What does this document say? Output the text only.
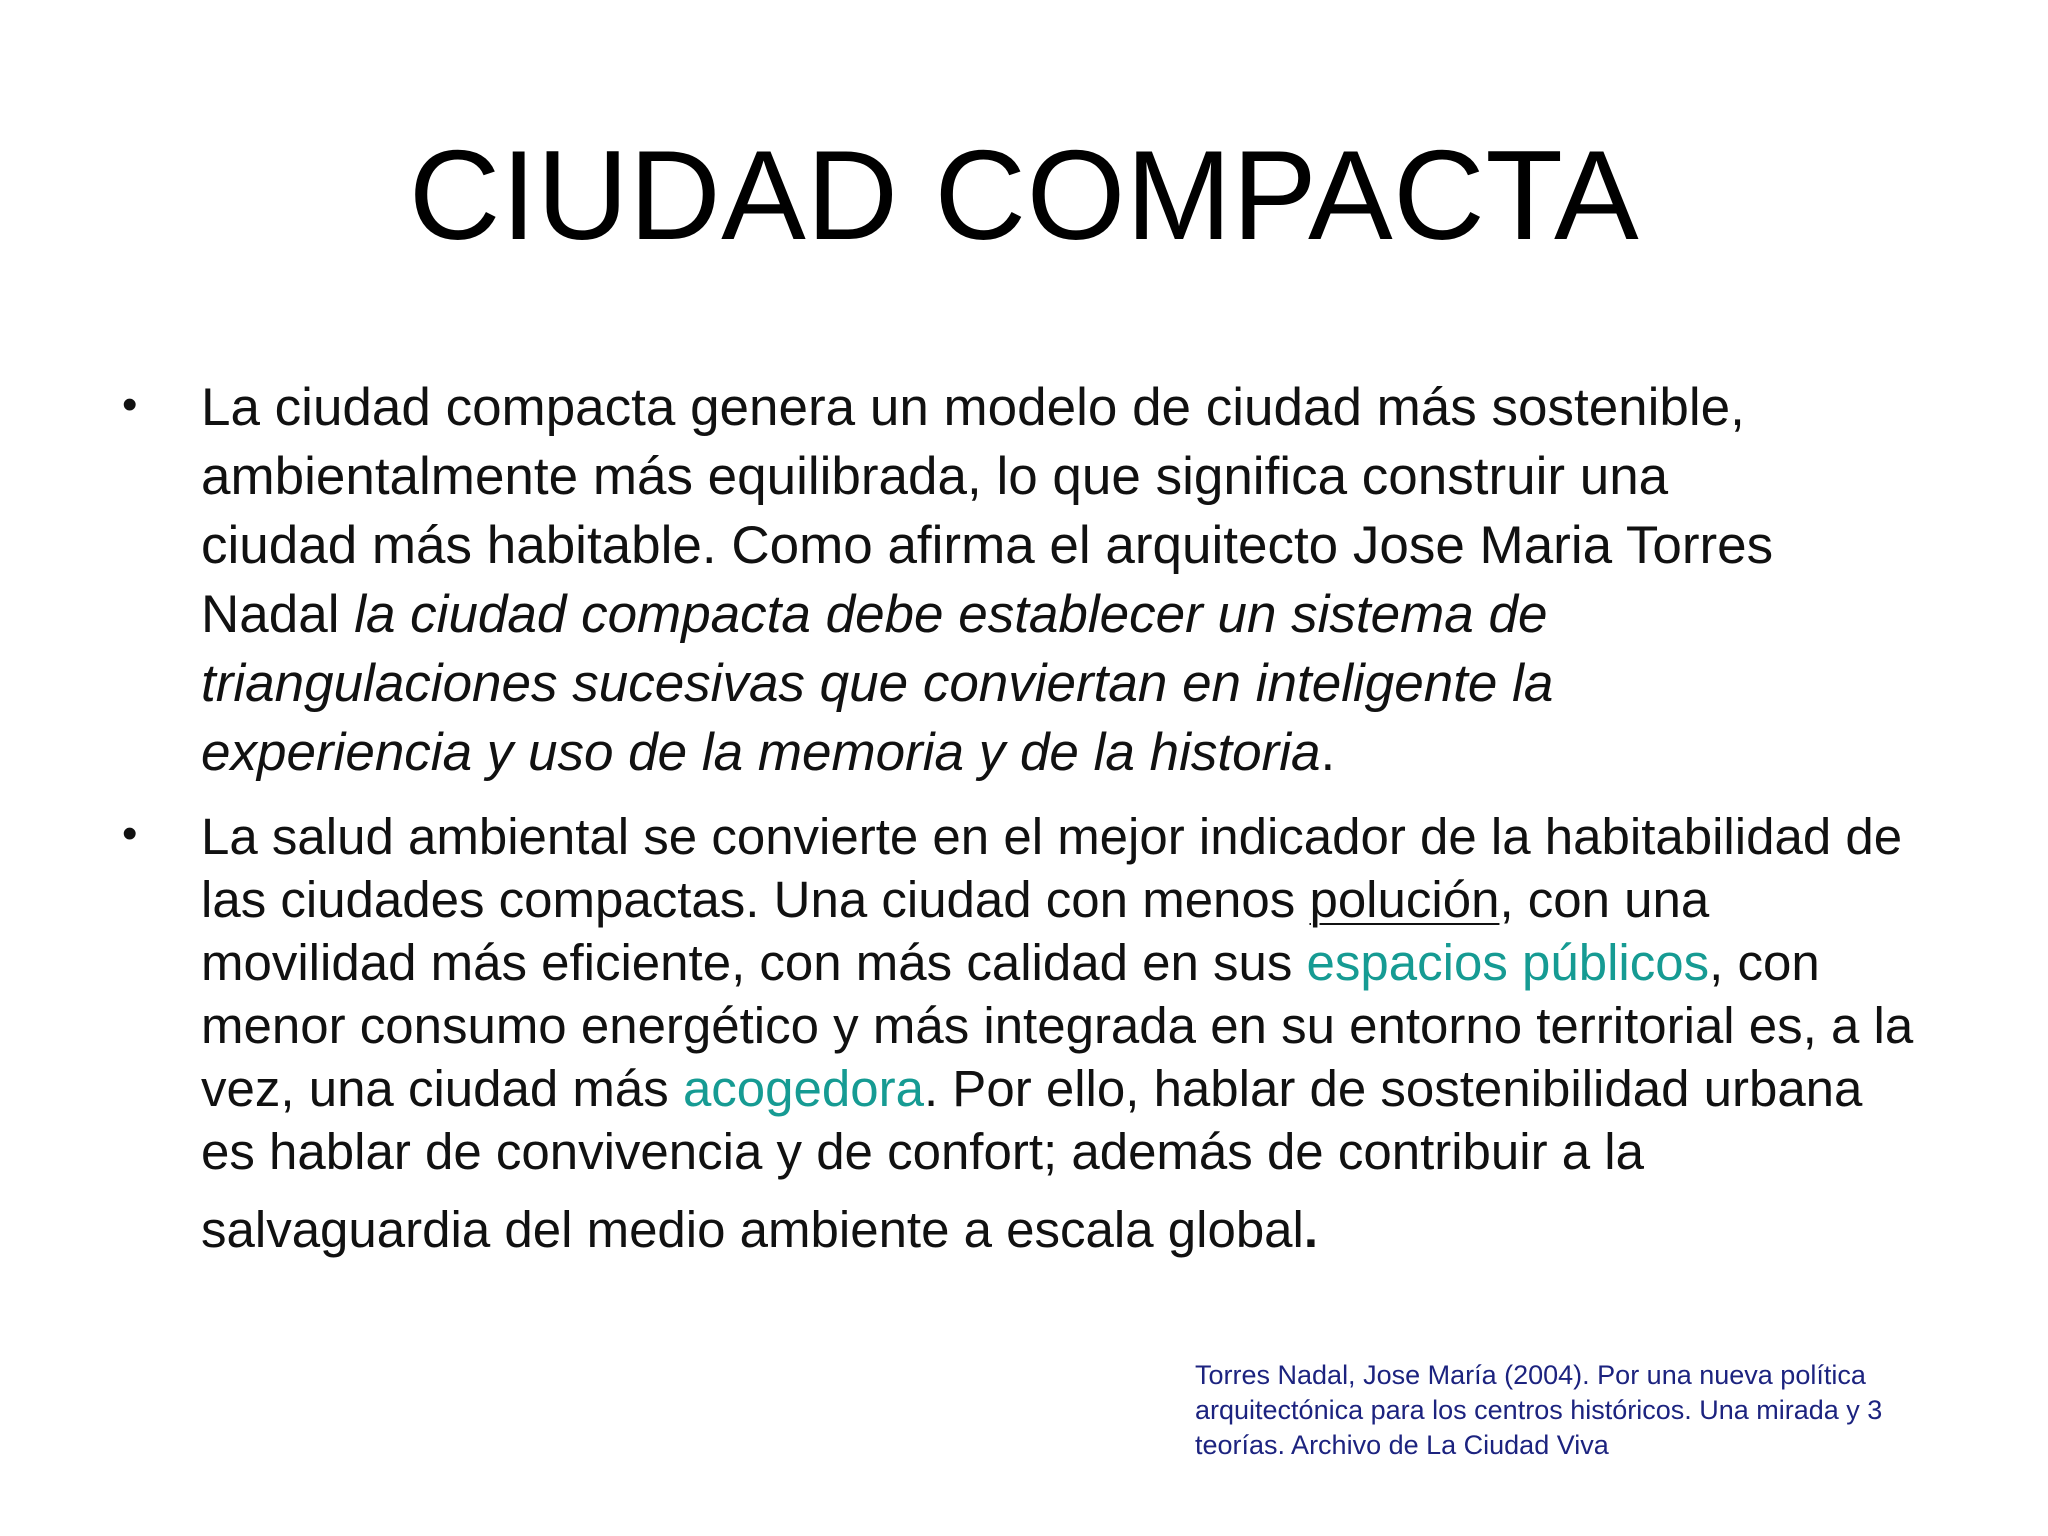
CIUDAD COMPACTA
• La ciudad compacta genera un modelo de ciudad más sostenible,
ambientalmente más equilibrada, lo que significa construir una
ciudad más habitable. Como afirma el arquitecto Jose Maria Torres
Nadal la ciudad compacta debe establecer un sistema de
triangulaciones sucesivas que conviertan en inteligente la
experiencia y uso de la memoria y de la historia.
• La salud ambiental se convierte en el mejor indicador de la habitabilidad de
las ciudades compactas. Una ciudad con menos polución, con una
movilidad más eficiente, con más calidad en sus espacios públicos, con
menor consumo energético y más integrada en su entorno territorial es, a la
vez, una ciudad más acogedora. Por ello, hablar de sostenibilidad urbana
es hablar de convivencia y de confort; además de contribuir a la
salvaguardia del medio ambiente a escala global.
Torres Nadal, Jose María (2004). Por una nueva política
arquitectónica para los centros históricos. Una mirada y 3
teorías. Archivo de La Ciudad Viva
